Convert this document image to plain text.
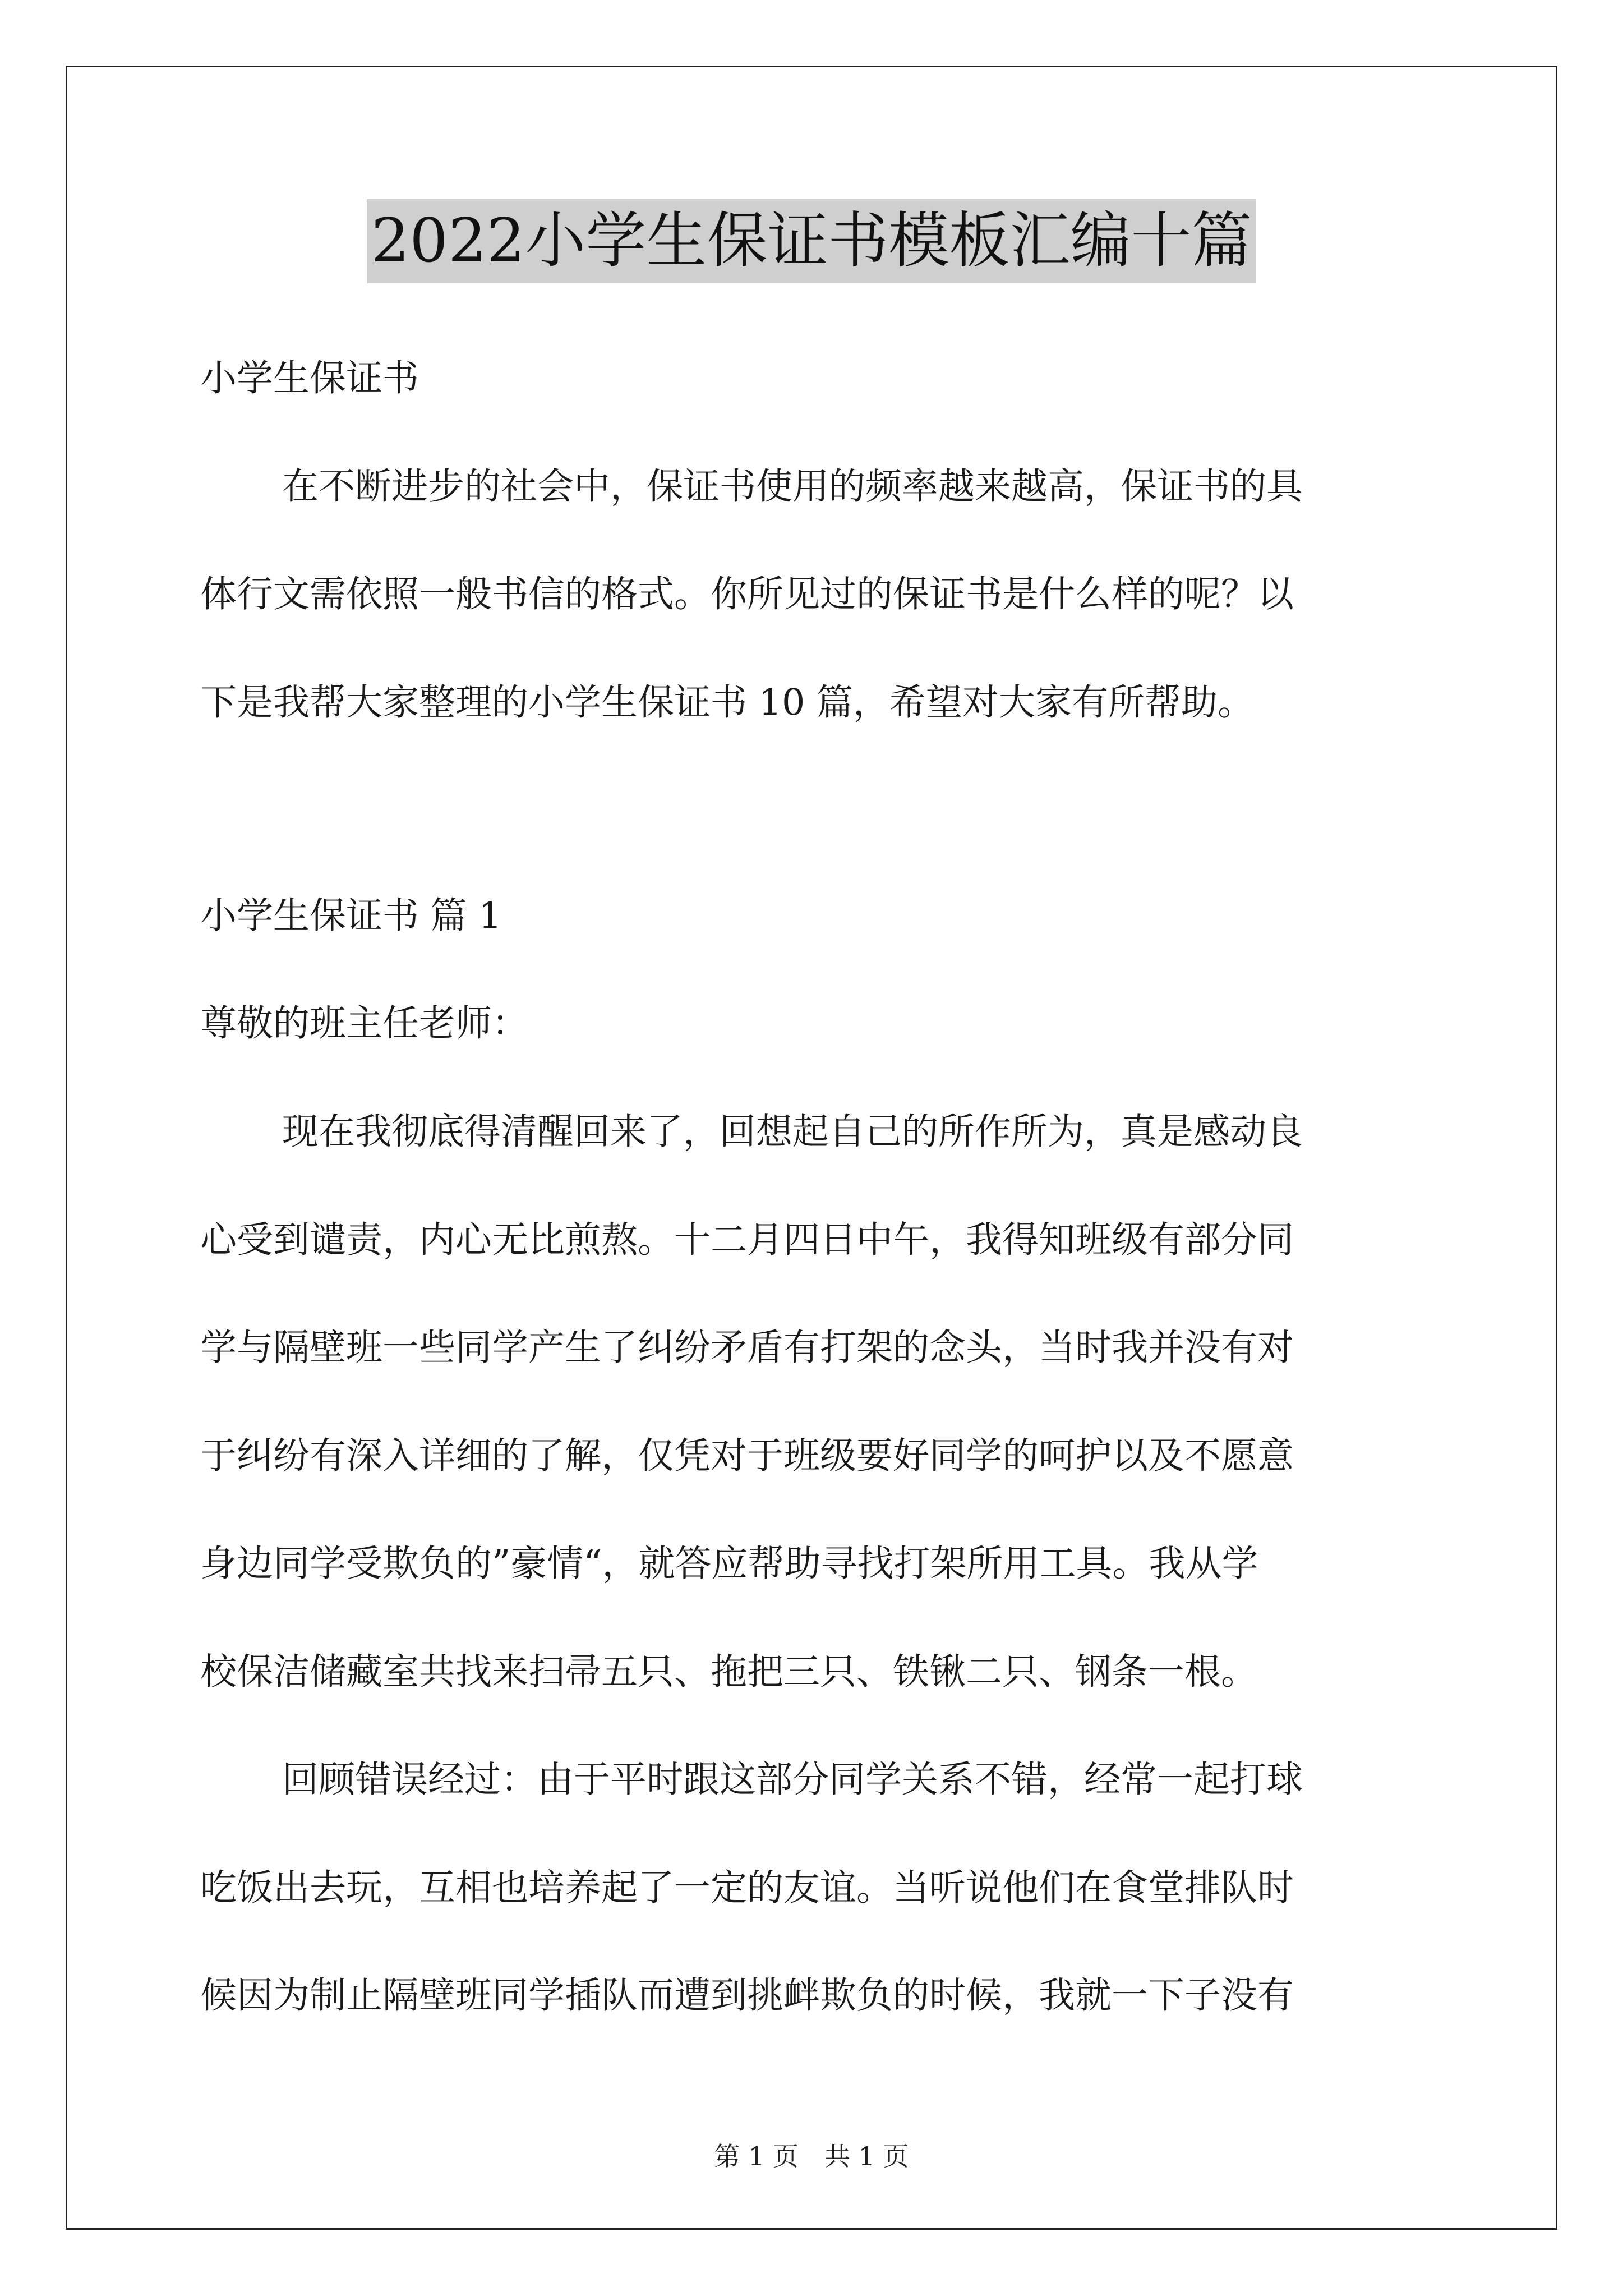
2022小学生保证书模板汇编十篇
小学生保证书
在不断进步的社会中，保证书使用的频率越来越高，保证书的具
体行文需依照一般书信的格式。你所见过的保证书是什么样的呢？以
下是我帮大家整理的小学生保证书 10 篇，希望对大家有所帮助。
小学生保证书 篇 1
尊敬的班主任老师：
现在我彻底得清醒回来了，回想起自己的所作所为，真是感动良
心受到谴责，内心无比煎熬。十二月四日中午，我得知班级有部分同
学与隔壁班一些同学产生了纠纷矛盾有打架的念头，当时我并没有对
于纠纷有深入详细的了解，仅凭对于班级要好同学的呵护以及不愿意
身边同学受欺负的”豪情“，就答应帮助寻找打架所用工具。我从学
校保洁储藏室共找来扫帚五只、拖把三只、铁锹二只、钢条一根。
回顾错误经过：由于平时跟这部分同学关系不错，经常一起打球
吃饭出去玩，互相也培养起了一定的友谊。当听说他们在食堂排队时
候因为制止隔壁班同学插队而遭到挑衅欺负的时候，我就一下子没有
第 1 页　共 1 页
